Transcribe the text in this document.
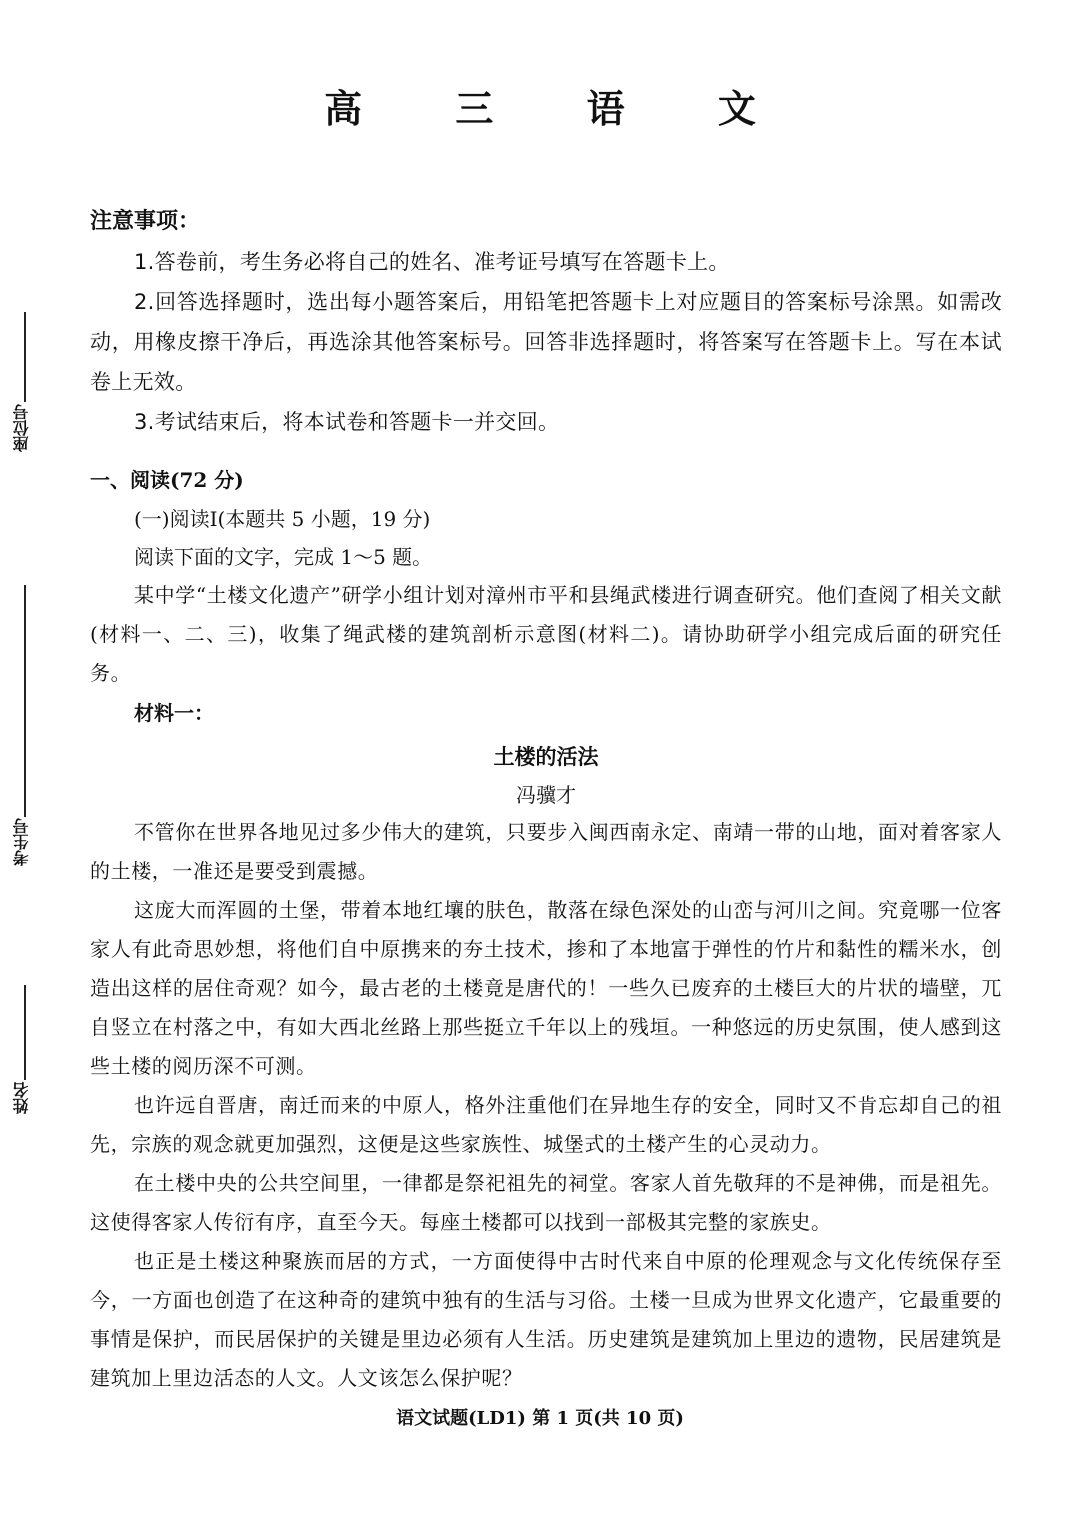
高 三 语 文
座位号
考生号
姓名
注意事项：
1.答卷前，考生务必将自己的姓名、准考证号填写在答题卡上。
2.回答选择题时，选出每小题答案后，用铅笔把答题卡上对应题目的答案标号涂黑。如需改动，用橡皮擦干净后，再选涂其他答案标号。回答非选择题时，将答案写在答题卡上。写在本试卷上无效。
3.考试结束后，将本试卷和答题卡一并交回。
一、阅读(72 分)
(一)阅读Ⅰ(本题共 5 小题，19 分)
阅读下面的文字，完成 1～5 题。
某中学“土楼文化遗产”研学小组计划对漳州市平和县绳武楼进行调查研究。他们查阅了相关文献(材料一、二、三)，收集了绳武楼的建筑剖析示意图(材料二)。请协助研学小组完成后面的研究任务。
材料一：
土楼的活法
冯骥才
不管你在世界各地见过多少伟大的建筑，只要步入闽西南永定、南靖一带的山地，面对着客家人的土楼，一准还是要受到震撼。
这庞大而浑圆的土堡，带着本地红壤的肤色，散落在绿色深处的山峦与河川之间。究竟哪一位客家人有此奇思妙想，将他们自中原携来的夯土技术，掺和了本地富于弹性的竹片和黏性的糯米水，创造出这样的居住奇观？如今，最古老的土楼竟是唐代的！一些久已废弃的土楼巨大的片状的墙壁，兀自竖立在村落之中，有如大西北丝路上那些挺立千年以上的残垣。一种悠远的历史氛围，使人感到这些土楼的阅历深不可测。
也许远自晋唐，南迁而来的中原人，格外注重他们在异地生存的安全，同时又不肯忘却自己的祖先，宗族的观念就更加强烈，这便是这些家族性、城堡式的土楼产生的心灵动力。
在土楼中央的公共空间里，一律都是祭祀祖先的祠堂。客家人首先敬拜的不是神佛，而是祖先。这使得客家人传衍有序，直至今天。每座土楼都可以找到一部极其完整的家族史。
也正是土楼这种聚族而居的方式，一方面使得中古时代来自中原的伦理观念与文化传统保存至今，一方面也创造了在这种奇的建筑中独有的生活与习俗。土楼一旦成为世界文化遗产，它最重要的事情是保护，而民居保护的关键是里边必须有人生活。历史建筑是建筑加上里边的遗物，民居建筑是建筑加上里边活态的人文。人文该怎么保护呢？
语文试题(LD1) 第 1 页(共 10 页)
